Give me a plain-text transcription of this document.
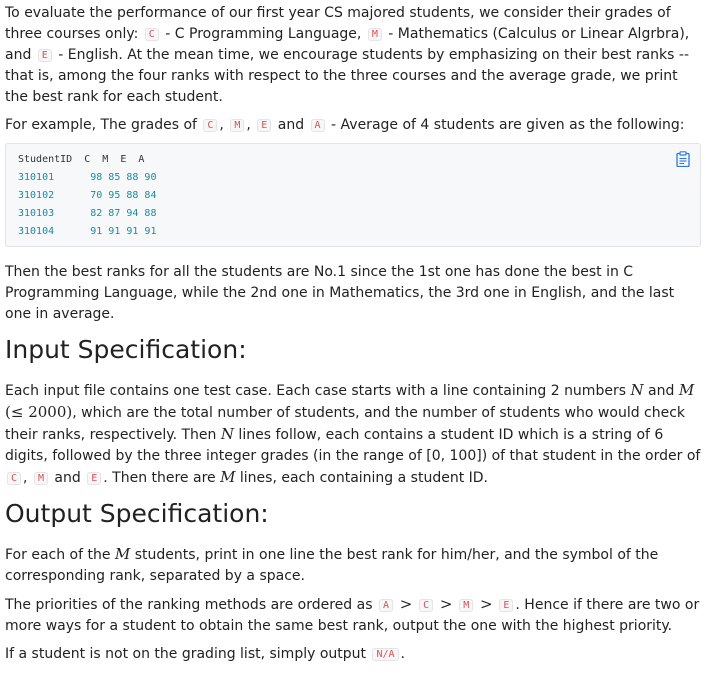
To evaluate the performance of our first year CS majored students, we consider their grades of three courses only: C - C Programming Language, M - Mathematics (Calculus or Linear Algrbra), and E - English. At the mean time, we encourage students by emphasizing on their best ranks -- that is, among the four ranks with respect to the three courses and the average grade, we print the best rank for each student.

For example, The grades of C , M , E and A - Average of 4 students are given as the following:

StudentID  C  M  E  A
310101	98 85 88 90
310102	70 95 88 84
310103	82 87 94 88
310104	91 91 91 91

Then the best ranks for all the students are No.1 since the 1st one has done the best in C Programming Language, while the 2nd one in Mathematics, the 3rd one in English, and the last one in average.

Input Specification:

Each input file contains one test case. Each case starts with a line containing 2 numbers N and M
(≤ 2000), which are the total number of students, and the number of students who would check their ranks, respectively. Then N lines follow, each contains a student ID which is a string of 6 digits, followed by the three integer grades (in the range of [0, 100]) of that student in the order of C , M and E . Then there are M lines, each containing a student ID.

Output Specification:

For each of the M students, print in one line the best rank for him/her, and the symbol of the corresponding rank, separated by a space.

The priorities of the ranking methods are ordered as A > C > M > E . Hence if there are two or more ways for a student to obtain the same best rank, output the one with the highest priority.

If a student is not on the grading list, simply output N/A .
